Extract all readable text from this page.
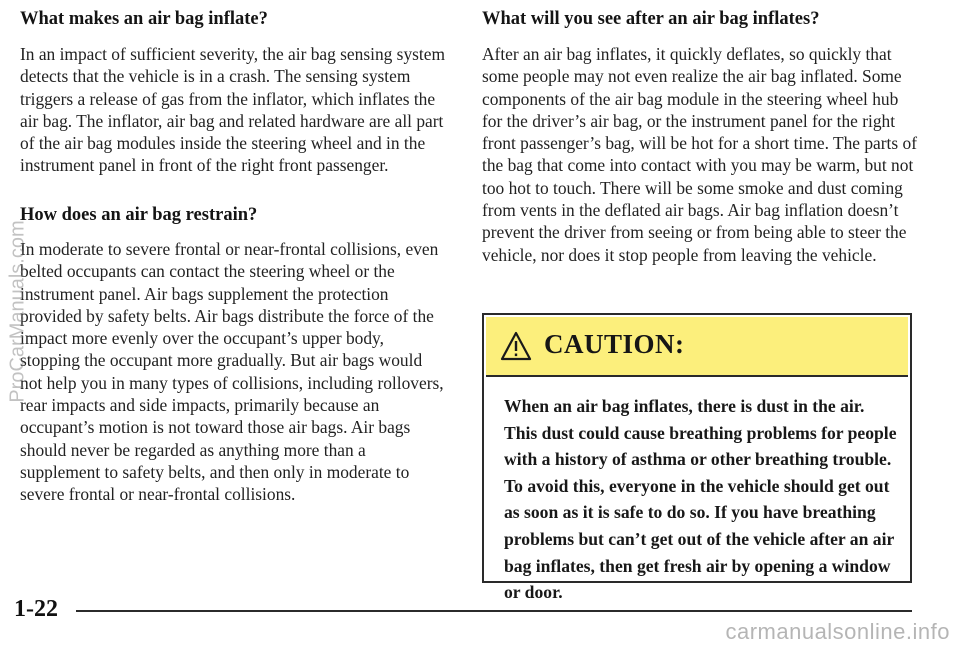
What makes an air bag inflate?

In an impact of sufficient severity, the air bag sensing system detects that the vehicle is in a crash. The sensing system triggers a release of gas from the inflator, which inflates the air bag. The inflator, air bag and related hardware are all part of the air bag modules inside the steering wheel and in the instrument panel in front of the right front passenger.

How does an air bag restrain?

In moderate to severe frontal or near-frontal collisions, even belted occupants can contact the steering wheel or the instrument panel. Air bags supplement the protection provided by safety belts. Air bags distribute the force of the impact more evenly over the occupant’s upper body, stopping the occupant more gradually. But air bags would not help you in many types of collisions, including rollovers, rear impacts and side impacts, primarily because an occupant’s motion is not toward those air bags. Air bags should never be regarded as anything more than a supplement to safety belts, and then only in moderate to severe frontal or near-frontal collisions.

What will you see after an air bag inflates?

After an air bag inflates, it quickly deflates, so quickly that some people may not even realize the air bag inflated. Some components of the air bag module in the steering wheel hub for the driver’s air bag, or the instrument panel for the right front passenger’s bag, will be hot for a short time. The parts of the bag that come into contact with you may be warm, but not too hot to touch. There will be some smoke and dust coming from vents in the deflated air bags. Air bag inflation doesn’t prevent the driver from seeing or from being able to steer the vehicle, nor does it stop people from leaving the vehicle.

CAUTION:
When an air bag inflates, there is dust in the air. This dust could cause breathing problems for people with a history of asthma or other breathing trouble. To avoid this, everyone in the vehicle should get out as soon as it is safe to do so. If you have breathing problems but can’t get out of the vehicle after an air bag inflates, then get fresh air by opening a window or door.
1-22
ProCarManuals.com
carmanualsonline.info
